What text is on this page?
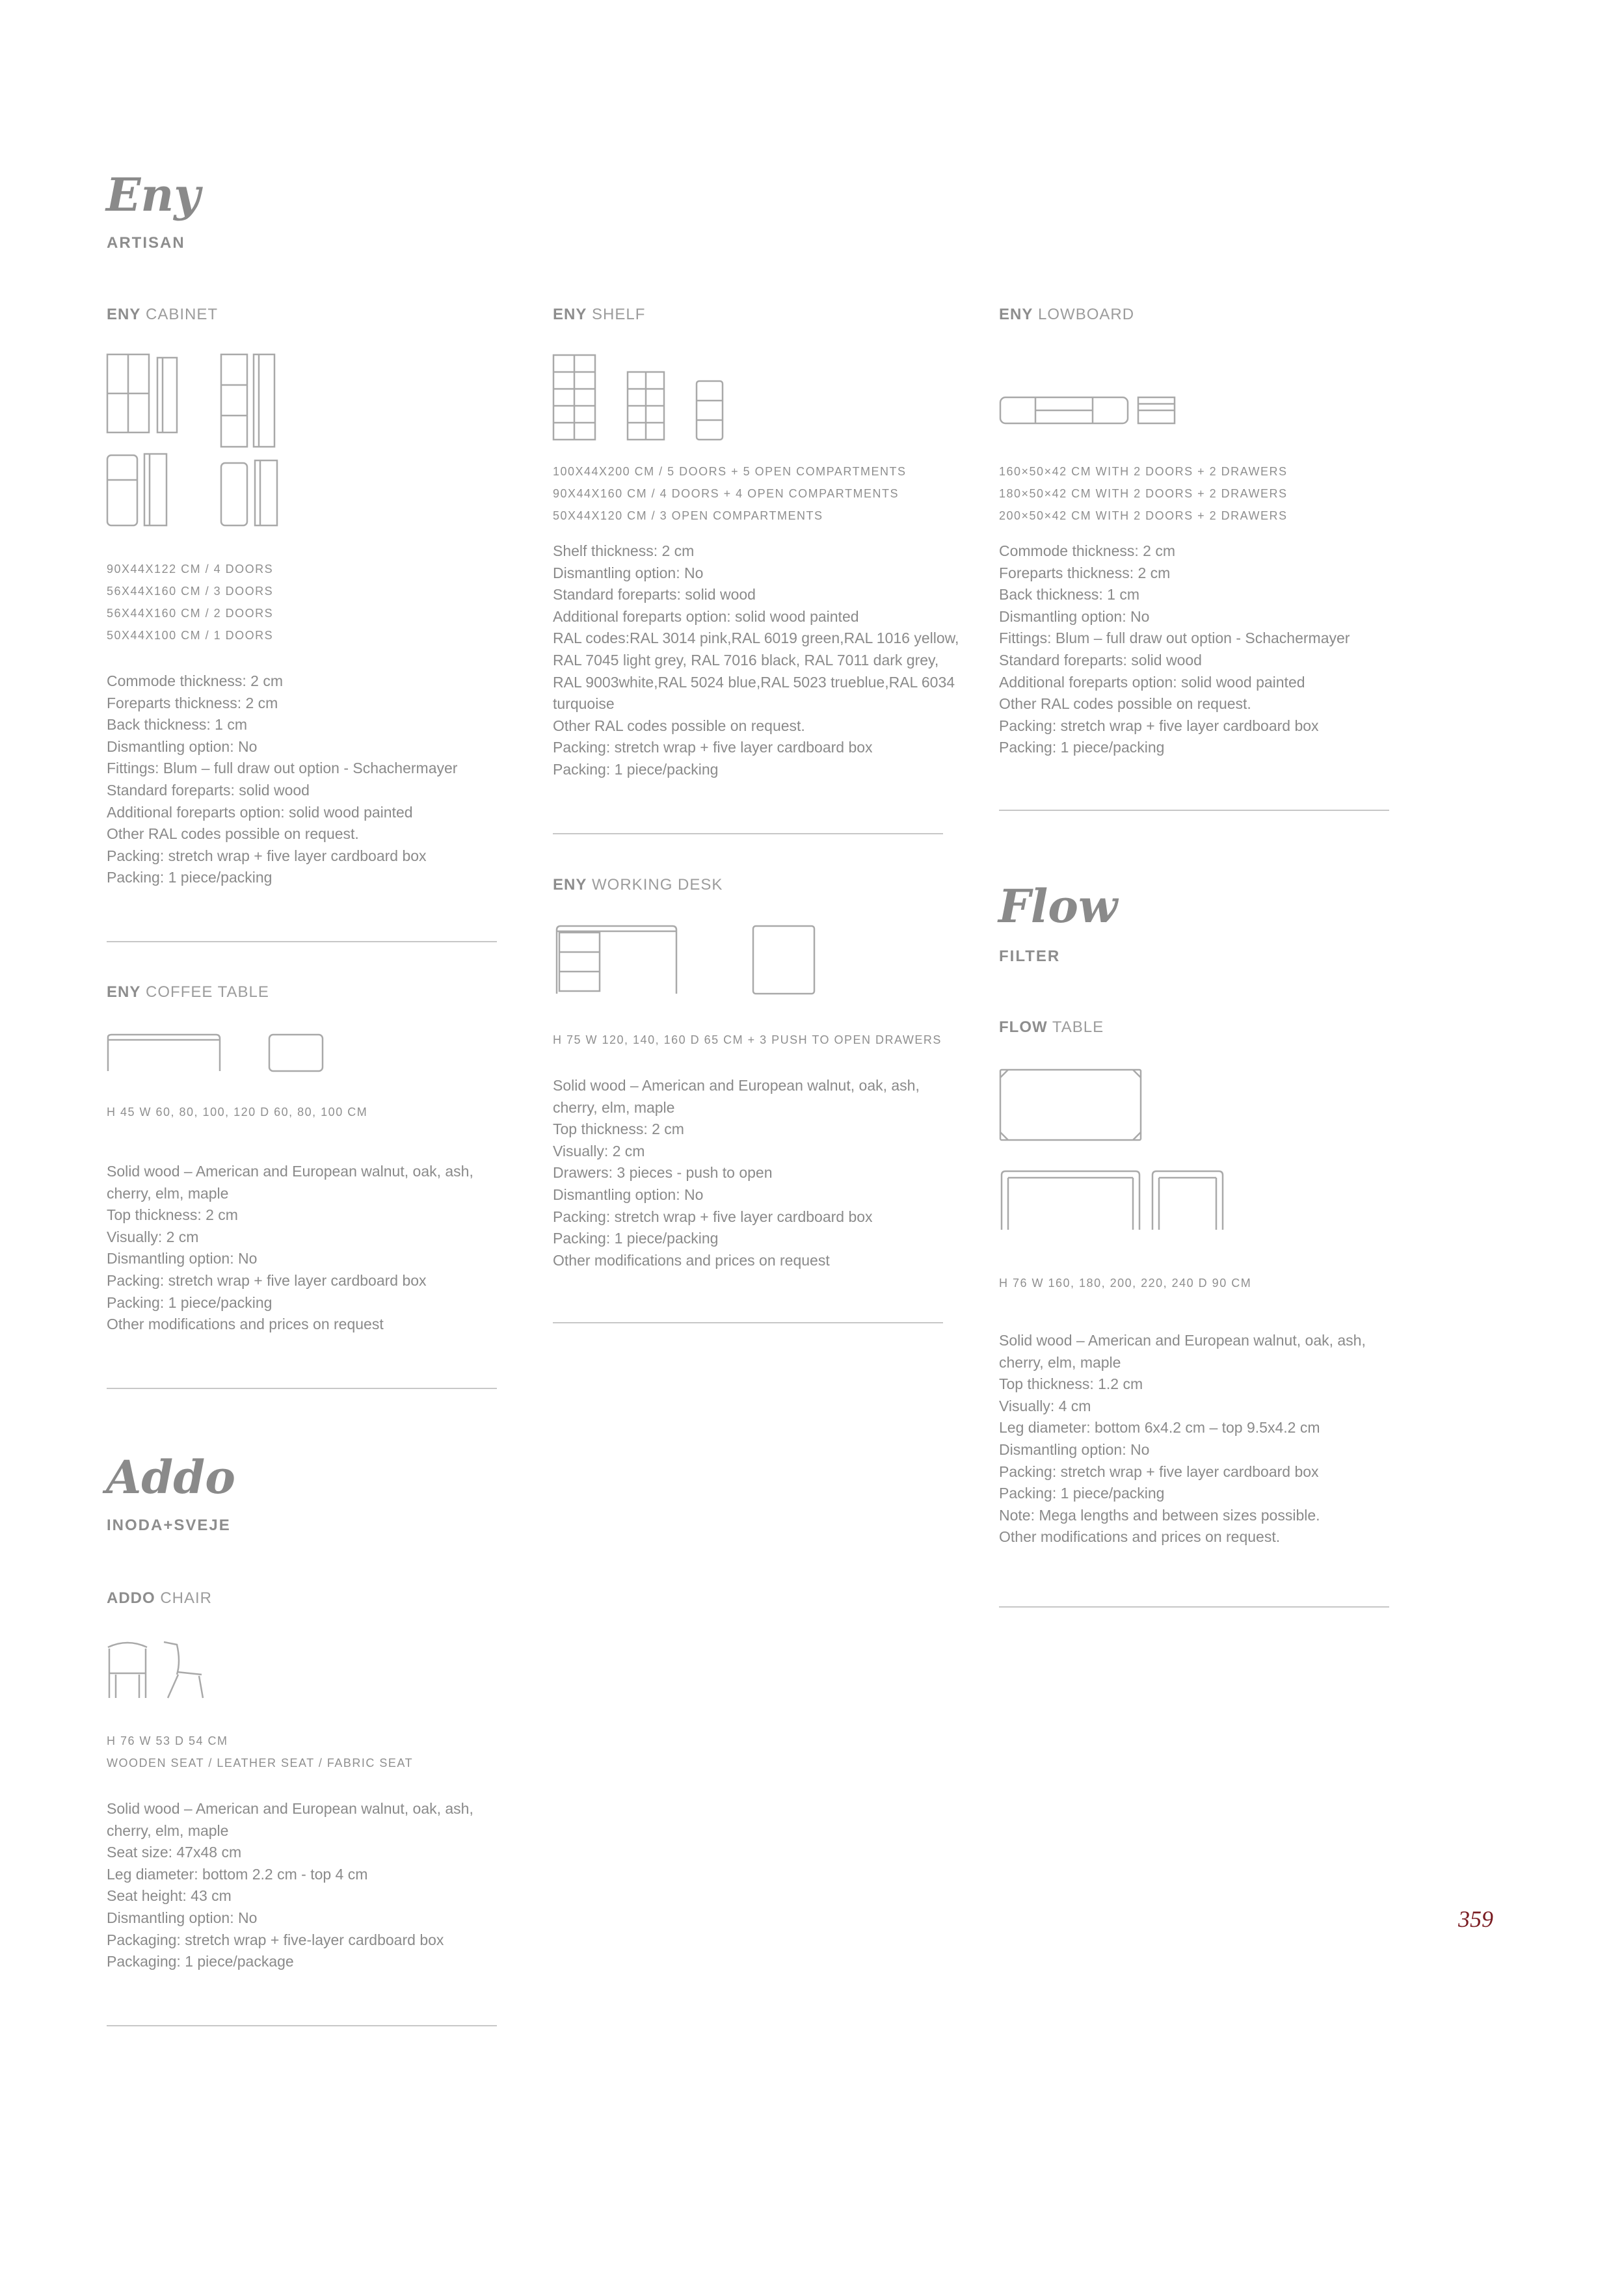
Eny
ARTISAN
ENY CABINET

90X44X122 CM / 4 DOORS

56X44X160 CM / 3 DOORS

56X44X160 CM / 2 DOORS

50X44X100 CM / 1 DOORS

Commode thickness: 2 cm

Foreparts thickness: 2 cm

Back thickness: 1 cm

Dismantling option: No

Fittings: Blum – full draw out option - Schachermayer

Standard foreparts: solid wood

Additional foreparts option: solid wood painted

Other RAL codes possible on request.

Packing: stretch wrap + five layer cardboard box

Packing: 1 piece/packing

ENY COFFEE TABLE

H 45 W 60, 80, 100, 120 D 60, 80, 100 CM

Solid wood – American and European walnut, oak, ash,

cherry, elm, maple

Top thickness: 2 cm

Visually: 2 cm

Dismantling option: No

Packing: stretch wrap + five layer cardboard box

Packing: 1 piece/packing

Other modifications and prices on request

Addo
INODA+SVEJE
ADDO CHAIR

H 76 W 53 D 54 CM

WOODEN SEAT / LEATHER SEAT / FABRIC SEAT

Solid wood – American and European walnut, oak, ash,

cherry, elm, maple

Seat size: 47x48 cm

Leg diameter: bottom 2.2 cm - top 4 cm

Seat height: 43 cm

Dismantling option: No

Packaging: stretch wrap + five-layer cardboard box

Packaging: 1 piece/package

ENY SHELF

100X44X200 CM / 5 DOORS + 5 OPEN COMPARTMENTS

90X44X160 CM / 4 DOORS + 4 OPEN COMPARTMENTS

50X44X120 CM / 3 OPEN COMPARTMENTS

Shelf thickness: 2 cm

Dismantling option: No

Standard foreparts: solid wood

Additional foreparts option: solid wood painted

RAL codes:RAL 3014 pink,RAL 6019 green,RAL 1016 yellow,

RAL 7045 light grey, RAL 7016 black, RAL 7011 dark grey,

RAL 9003white,RAL 5024 blue,RAL 5023 trueblue,RAL 6034

turquoise

Other RAL codes possible on request.

Packing: stretch wrap + five layer cardboard box

Packing: 1 piece/packing

ENY WORKING DESK

H 75 W 120, 140, 160 D 65 CM + 3 PUSH TO OPEN DRAWERS

Solid wood – American and European walnut, oak, ash,

cherry, elm, maple

Top thickness: 2 cm

Visually: 2 cm

Drawers: 3 pieces - push to open

Dismantling option: No

Packing: stretch wrap + five layer cardboard box

Packing: 1 piece/packing

Other modifications and prices on request

ENY LOWBOARD

160×50×42 CM WITH 2 DOORS + 2 DRAWERS

180×50×42 CM WITH 2 DOORS + 2 DRAWERS

200×50×42 CM WITH 2 DOORS + 2 DRAWERS

Commode thickness: 2 cm

Foreparts thickness: 2 cm

Back thickness: 1 cm

Dismantling option: No

Fittings: Blum – full draw out option - Schachermayer

Standard foreparts: solid wood

Additional foreparts option: solid wood painted

Other RAL codes possible on request.

Packing: stretch wrap + five layer cardboard box

Packing: 1 piece/packing

Flow
FILTER
FLOW TABLE

H 76 W 160, 180, 200, 220, 240 D 90 CM

Solid wood – American and European walnut, oak, ash,

cherry, elm, maple

Top thickness: 1.2 cm

Visually: 4 cm

Leg diameter: bottom 6x4.2 cm – top 9.5x4.2 cm

Dismantling option: No

Packing: stretch wrap + five layer cardboard box

Packing: 1 piece/packing

Note: Mega lengths and between sizes possible.

Other modifications and prices on request.

359
